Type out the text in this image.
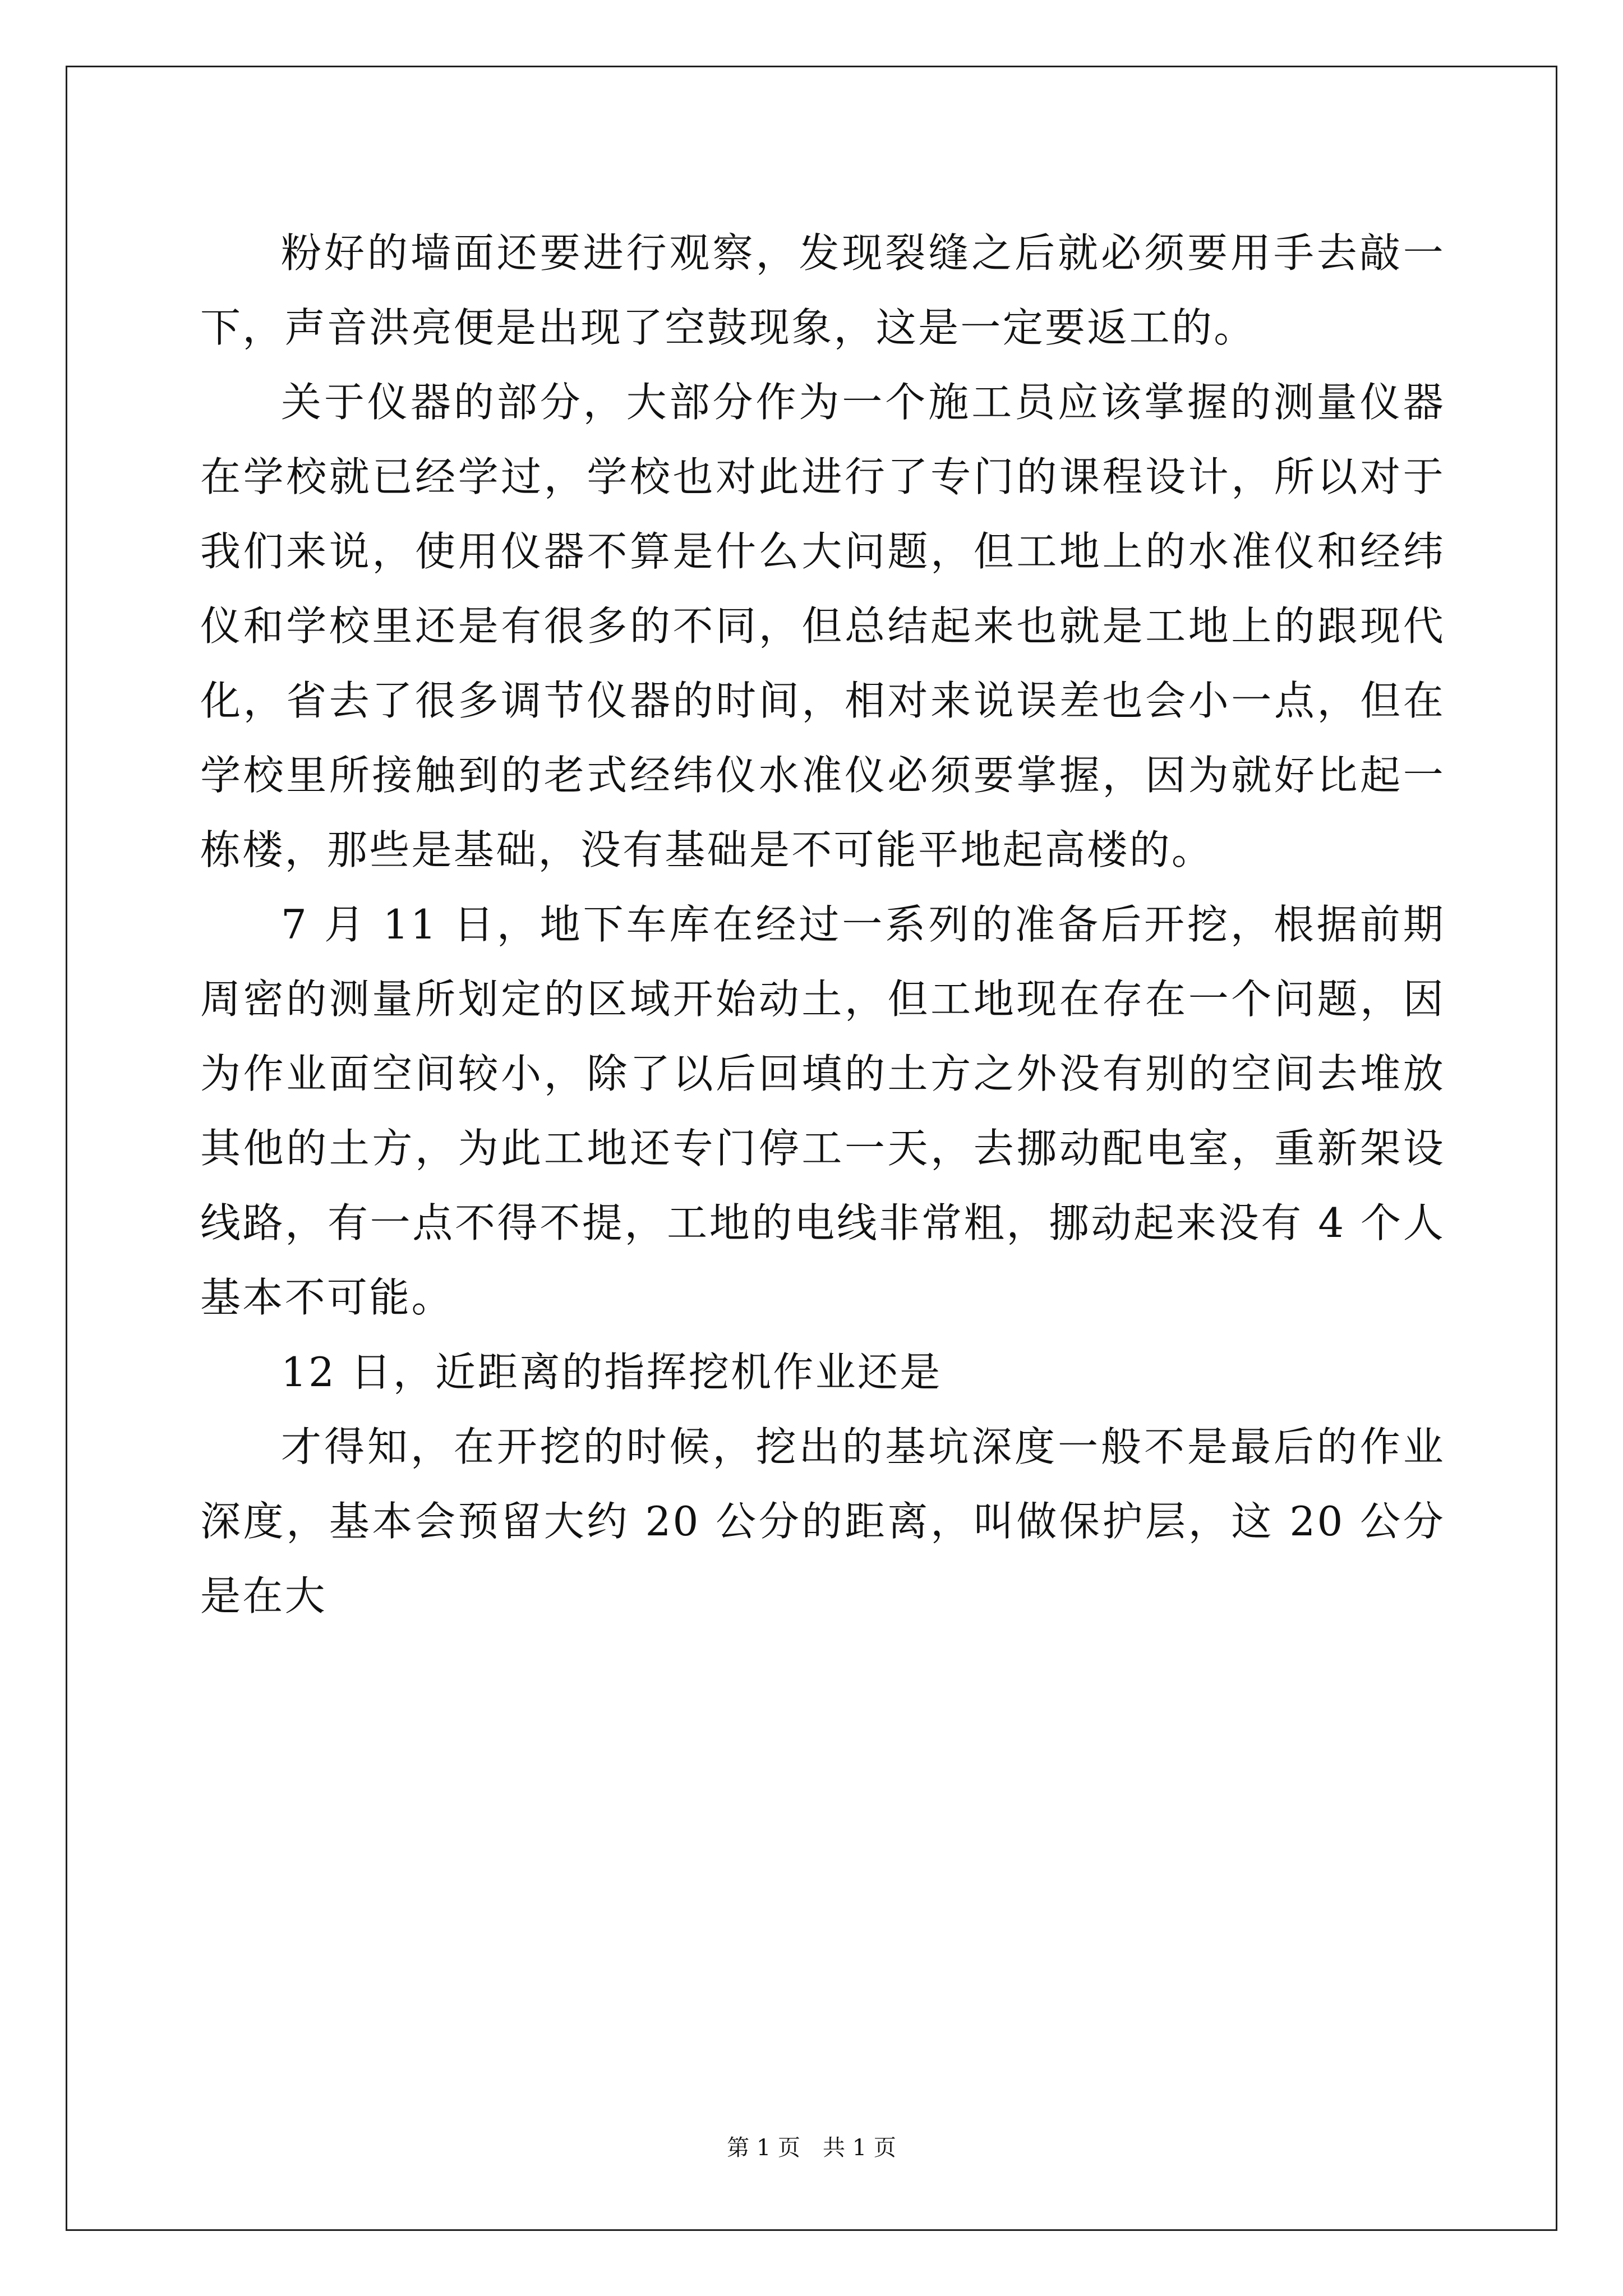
粉好的墙面还要进行观察，发现裂缝之后就必须要用手去敲一下，声音洪亮便是出现了空鼓现象，这是一定要返工的。

关于仪器的部分，大部分作为一个施工员应该掌握的测量仪器在学校就已经学过，学校也对此进行了专门的课程设计，所以对于我们来说，使用仪器不算是什么大问题，但工地上的水准仪和经纬仪和学校里还是有很多的不同，但总结起来也就是工地上的跟现代化，省去了很多调节仪器的时间，相对来说误差也会小一点，但在学校里所接触到的老式经纬仪水准仪必须要掌握，因为就好比起一栋楼，那些是基础，没有基础是不可能平地起高楼的。

7 月 11 日，地下车库在经过一系列的准备后开挖，根据前期周密的测量所划定的区域开始动土，但工地现在存在一个问题，因为作业面空间较小，除了以后回填的土方之外没有别的空间去堆放其他的土方，为此工地还专门停工一天，去挪动配电室，重新架设线路，有一点不得不提，工地的电线非常粗，挪动起来没有 4 个人基本不可能。

12 日，近距离的指挥挖机作业还是

才得知，在开挖的时候，挖出的基坑深度一般不是最后的作业深度，基本会预留大约 20 公分的距离，叫做保护层，这 20 公分是在大

第 1 页 共 1 页
